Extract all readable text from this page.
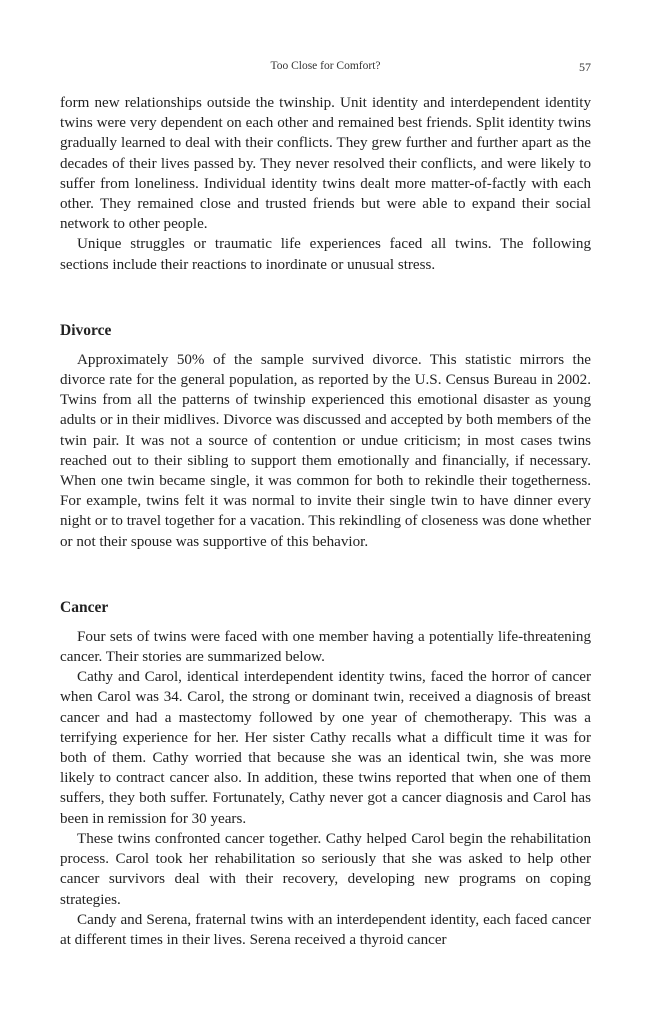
Too Close for Comfort?	57

form new relationships outside the twinship. Unit identity and interdependent identity twins were very dependent on each other and remained best friends. Split identity twins gradually learned to deal with their conflicts. They grew further and further apart as the decades of their lives passed by. They never resolved their conflicts, and were likely to suffer from loneliness. Individual identity twins dealt more matter-of-factly with each other. They remained close and trusted friends but were able to expand their social network to other people.

Unique struggles or traumatic life experiences faced all twins. The following sections include their reactions to inordinate or unusual stress.

Divorce

Approximately 50% of the sample survived divorce. This statistic mirrors the divorce rate for the general population, as reported by the U.S. Census Bureau in 2002. Twins from all the patterns of twinship experienced this emotional disaster as young adults or in their midlives. Divorce was discussed and accepted by both members of the twin pair. It was not a source of contention or undue criticism; in most cases twins reached out to their sibling to support them emotionally and financially, if necessary. When one twin became single, it was common for both to rekindle their togetherness. For example, twins felt it was normal to invite their single twin to have dinner every night or to travel together for a vacation. This rekindling of closeness was done whether or not their spouse was supportive of this behavior.

Cancer

Four sets of twins were faced with one member having a potentially life-threatening cancer. Their stories are summarized below.

Cathy and Carol, identical interdependent identity twins, faced the horror of cancer when Carol was 34. Carol, the strong or dominant twin, received a diagnosis of breast cancer and had a mastectomy followed by one year of chemotherapy. This was a terrifying experience for her. Her sister Cathy recalls what a difficult time it was for both of them. Cathy worried that because she was an identical twin, she was more likely to contract cancer also. In addition, these twins reported that when one of them suffers, they both suffer. Fortunately, Cathy never got a cancer diagnosis and Carol has been in remission for 30 years.

These twins confronted cancer together. Cathy helped Carol begin the rehabilitation process. Carol took her rehabilitation so seriously that she was asked to help other cancer survivors deal with their recovery, developing new programs on coping strategies.

Candy and Serena, fraternal twins with an interdependent identity, each faced cancer at different times in their lives. Serena received a thyroid cancer
